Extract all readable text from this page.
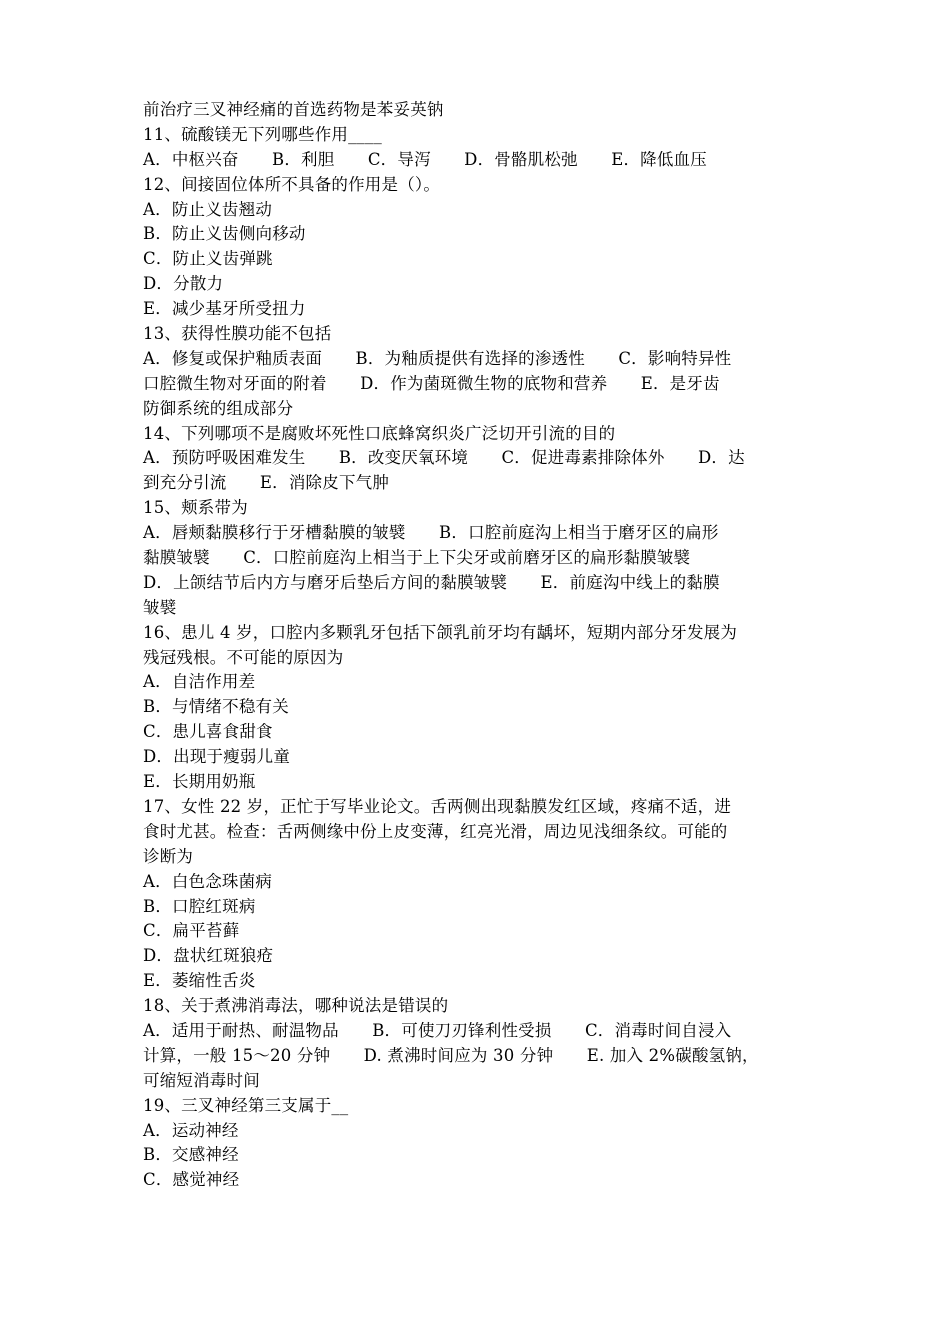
前治疗三叉神经痛的首选药物是苯妥英钠
11、硫酸镁无下列哪些作用____
A．中枢兴奋　　B．利胆　　C．导泻　　D．骨骼肌松弛　　E．降低血压
12、间接固位体所不具备的作用是（）。
A．防止义齿翘动
B．防止义齿侧向移动
C．防止义齿弹跳
D．分散力
E．减少基牙所受扭力
13、获得性膜功能不包括
A．修复或保护釉质表面　　B．为釉质提供有选择的渗透性　　C．影响特异性
口腔微生物对牙面的附着　　D．作为菌斑微生物的底物和营养　　E．是牙齿
防御系统的组成部分
14、下列哪项不是腐败坏死性口底蜂窝织炎广泛切开引流的目的
A．预防呼吸困难发生　　B．改变厌氧环境　　C．促进毒素排除体外　　D．达
到充分引流　　E．消除皮下气肿
15、颊系带为
A．唇颊黏膜移行于牙槽黏膜的皱襞　　B．口腔前庭沟上相当于磨牙区的扁形
黏膜皱襞　　C．口腔前庭沟上相当于上下尖牙或前磨牙区的扁形黏膜皱襞
D．上颌结节后内方与磨牙后垫后方间的黏膜皱襞　　E．前庭沟中线上的黏膜
皱襞
16、患儿 4 岁，口腔内多颗乳牙包括下颌乳前牙均有龋坏，短期内部分牙发展为
残冠残根。不可能的原因为
A．自洁作用差
B．与情绪不稳有关
C．患儿喜食甜食
D．出现于瘦弱儿童
E．长期用奶瓶
17、女性 22 岁，正忙于写毕业论文。舌两侧出现黏膜发红区域，疼痛不适，进
食时尤甚。检查：舌两侧缘中份上皮变薄，红亮光滑，周边见浅细条纹。可能的
诊断为
A．白色念珠菌病
B．口腔红斑病
C．扁平苔藓
D．盘状红斑狼疮
E．萎缩性舌炎
18、关于煮沸消毒法，哪种说法是错误的
A．适用于耐热、耐温物品　　B．可使刀刃锋利性受损　　C．消毒时间自浸入
计算，一般 15～20 分钟　　D. 煮沸时间应为 30 分钟　　E. 加入 2%碳酸氢钠，
可缩短消毒时间
19、三叉神经第三支属于__
A．运动神经
B．交感神经
C．感觉神经
